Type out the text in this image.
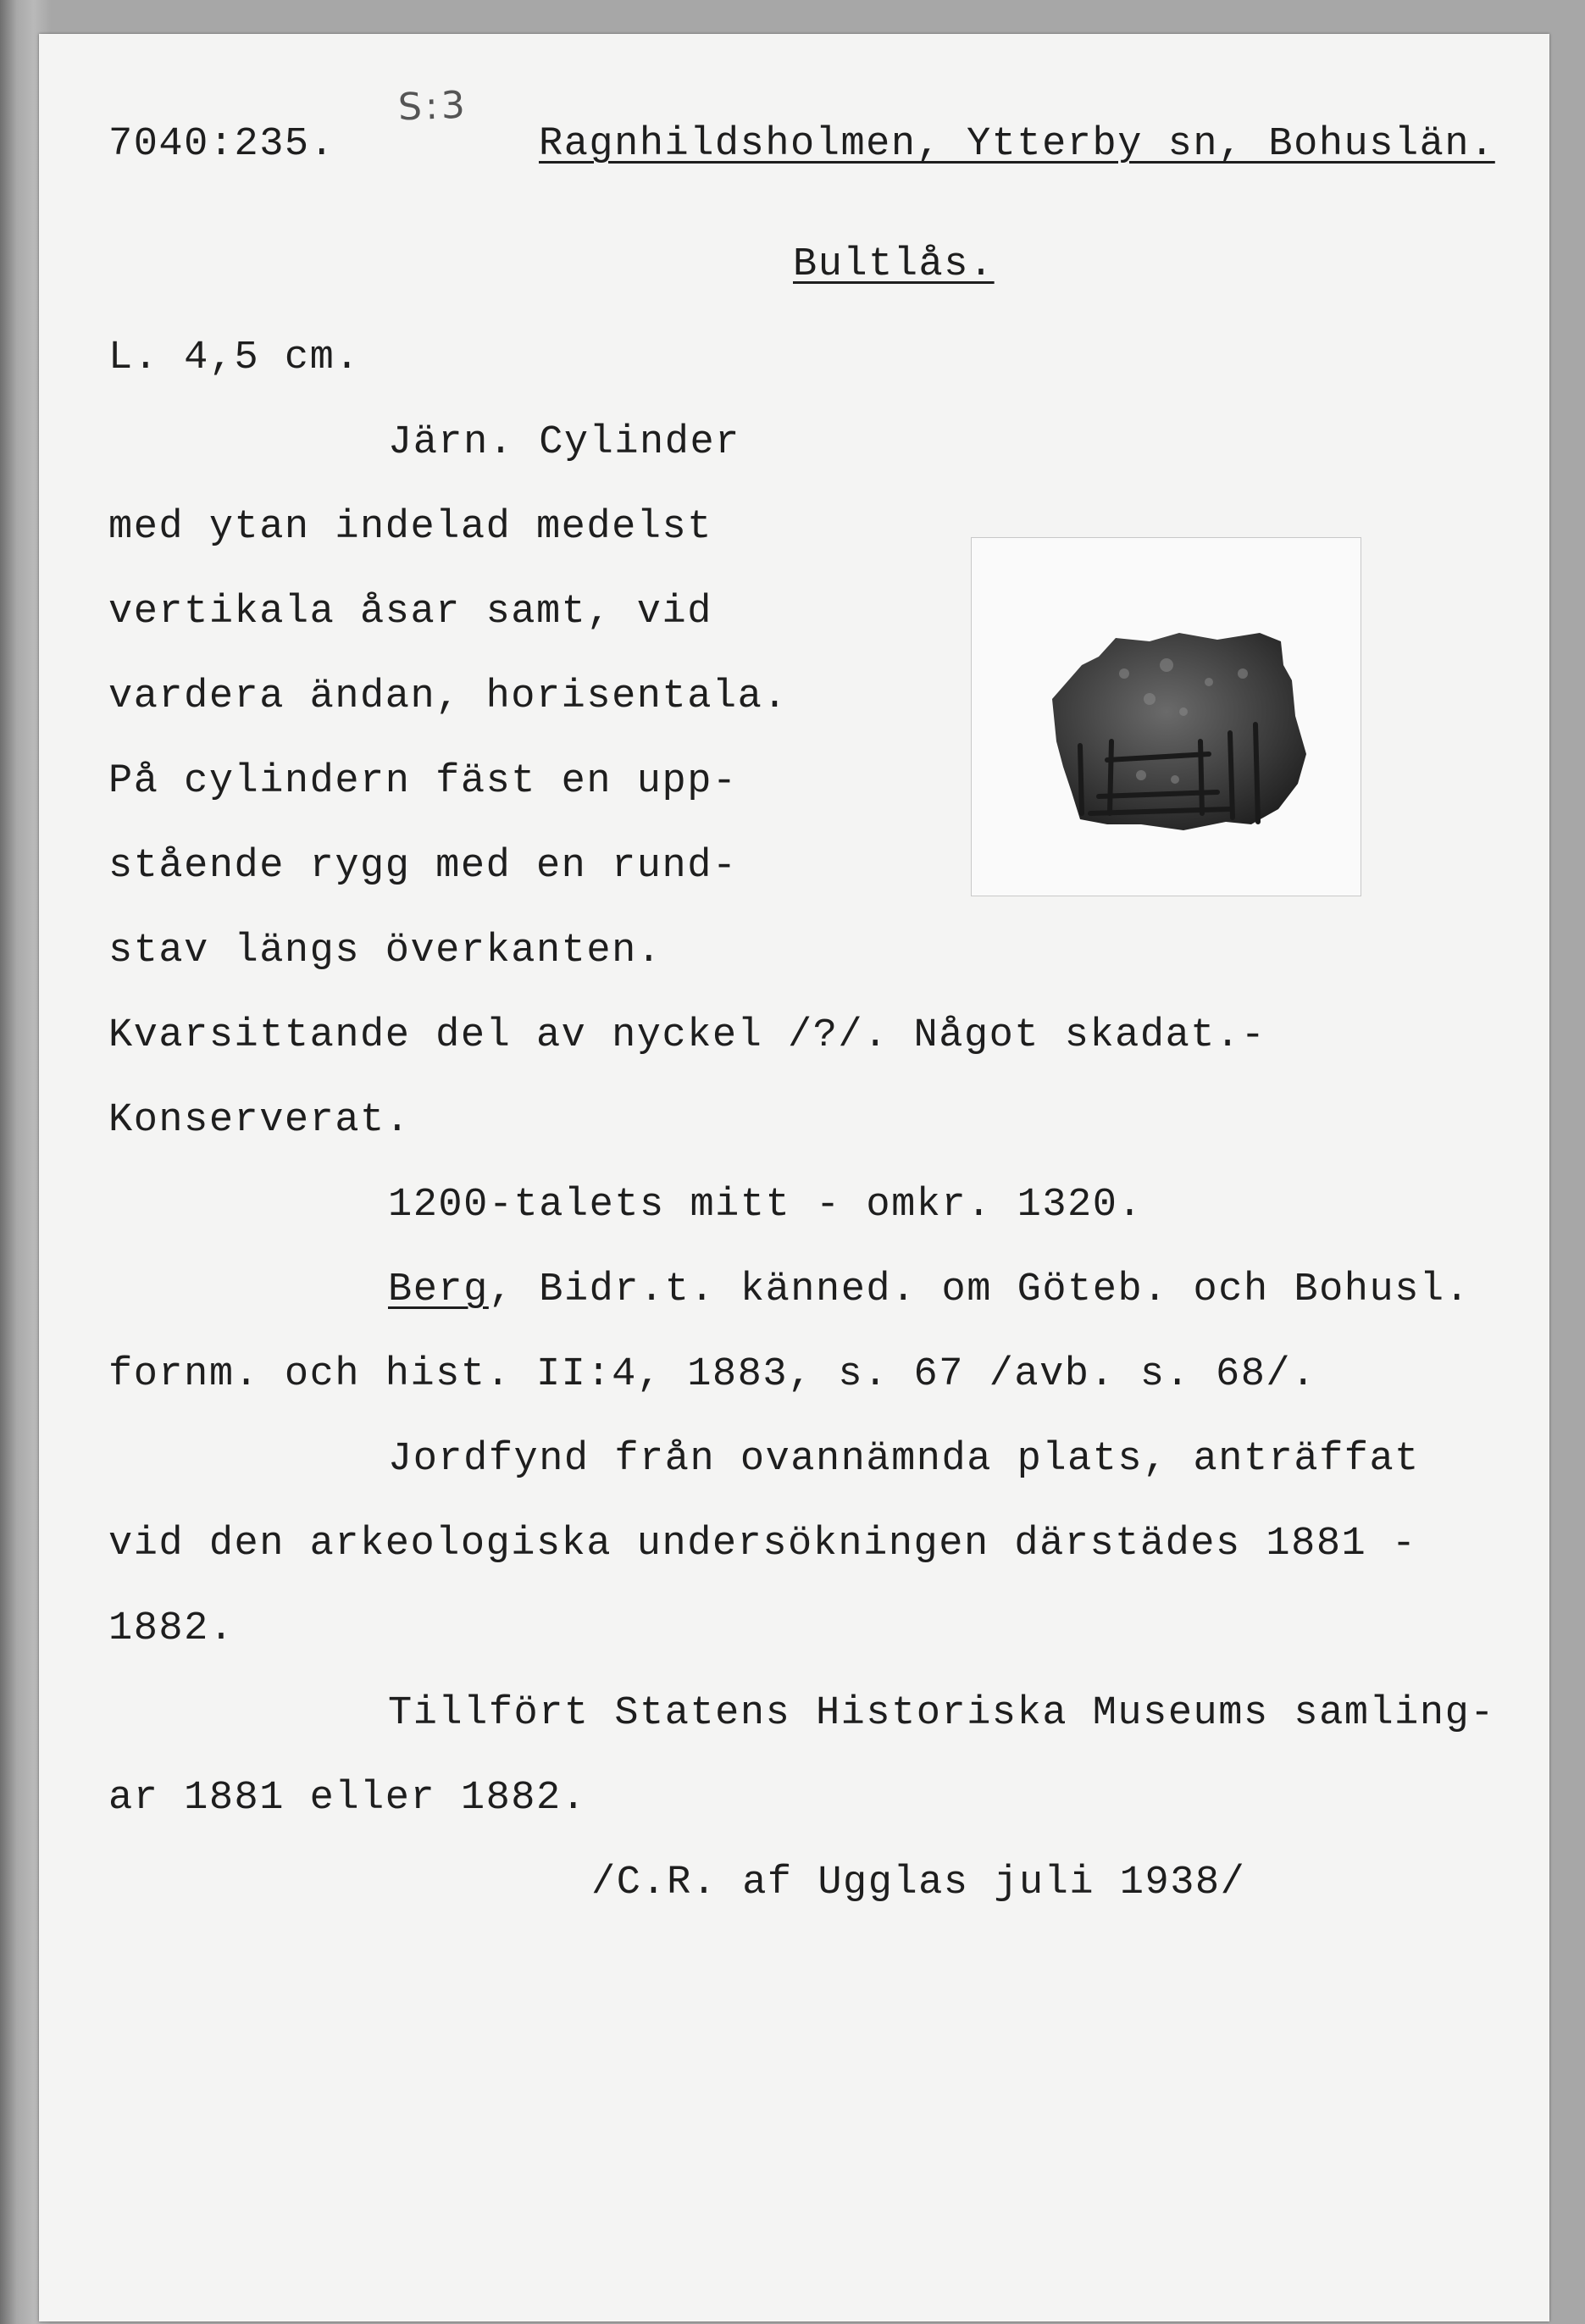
S:3
7040:235.	Ragnhildsholmen, Ytterby sn, Bohuslän.
Bultlås.
L. 4,5 cm.
Järn. Cylinder
med ytan indelad medelst
vertikala åsar samt, vid
vardera ändan, horisentala.
På cylindern fäst en upp-
stående rygg med en rund-
stav längs överkanten.
Kvarsittande del av nyckel /?/. Något skadat.-
Konserverat.
1200-talets mitt - omkr. 1320.
Berg, Bidr.t. känned. om Göteb. och Bohusl.
fornm. och hist. II:4, 1883, s. 67 /avb. s. 68/.
Jordfynd från ovannämnda plats, anträffat
vid den arkeologiska undersökningen därstädes 1881 -
1882.
Tillfört Statens Historiska Museums samling-
ar 1881 eller 1882.
/C.R. af Ugglas juli 1938/
